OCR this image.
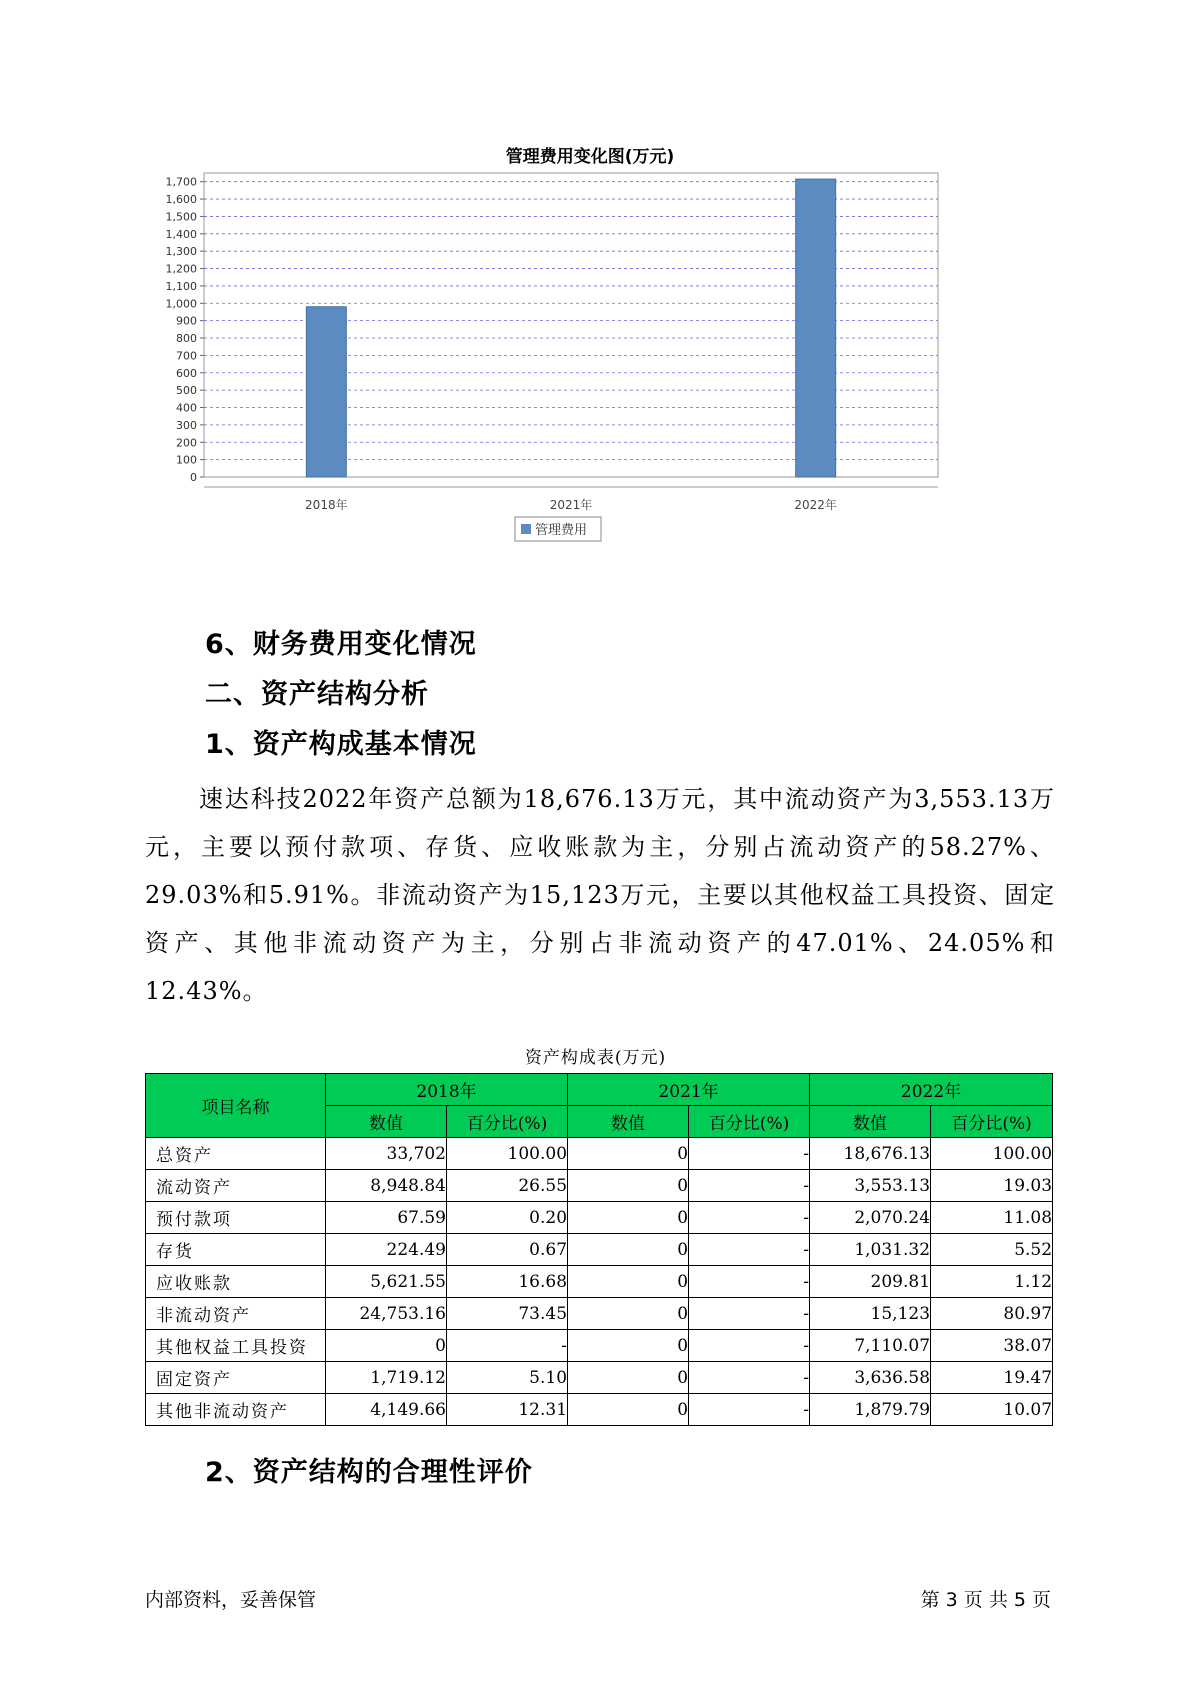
管理费用变化图(万元)
0
100
200
300
400
500
600
700
800
900
1,000
1,100
1,200
1,300
1,400
1,500
1,600
1,700
2018年	2021年	2022年
管理费用
6、财务费用变化情况
二、资产结构分析
1、资产构成基本情况
速达科技2022年资产总额为18,676.13万元，其中流动资产为3,553.13万元，主要以预付款项、存货、应收账款为主，分别占流动资产的58.27%、29.03%和5.91%。非流动资产为15,123万元，主要以其他权益工具投资、固定资产、其他非流动资产为主，分别占非流动资产的47.01%、24.05%和12.43%。
资产构成表(万元)
项目名称	2018年		2021年		2022年	
	数值	百分比(%)	数值	百分比(%)	数值	百分比(%)
总资产	33,702	100.00	0	-	18,676.13	100.00
流动资产	8,948.84	26.55	0	-	3,553.13	19.03
预付款项	67.59	0.20	0	-	2,070.24	11.08
存货	224.49	0.67	0	-	1,031.32	5.52
应收账款	5,621.55	16.68	0	-	209.81	1.12
非流动资产	24,753.16	73.45	0	-	15,123	80.97
其他权益工具投资	0	-	0	-	7,110.07	38.07
固定资产	1,719.12	5.10	0	-	3,636.58	19.47
其他非流动资产	4,149.66	12.31	0	-	1,879.79	10.07
2、资产结构的合理性评价
内部资料，妥善保管	第 3 页 共 5 页
